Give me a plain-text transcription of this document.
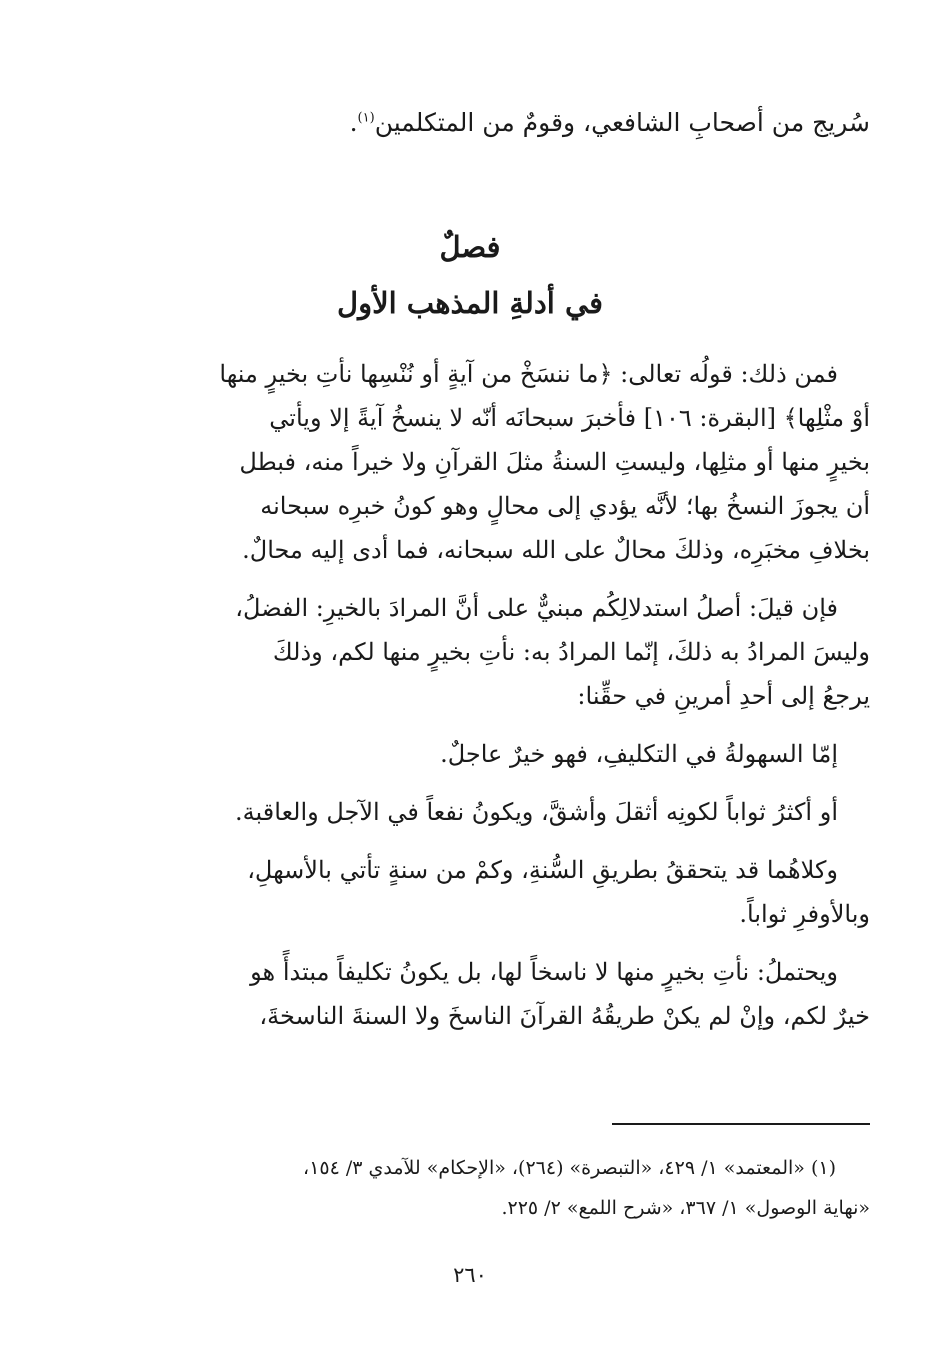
سُريج من أصحابِ الشافعي، وقومٌ من المتكلمين$^{(١)}$.
فصلٌ
في أدلةِ المذهب الأول
فمن ذلك: قولُه تعالى: ﴿ما ننسَخْ من آيةٍ أو نُنْسِها نأتِ بخيرٍ منها
أوْ مثْلِها﴾ [البقرة: ١٠٦] فأخبرَ سبحانَه أنّه لا ينسخُ آيةً إلا ويأتي
بخيرٍ منها أو مثلِها، وليستِ السنةُ مثلَ القرآنِ ولا خيراً منه، فبطل
أن يجوزَ النسخُ بها؛ لأنَّه يؤدي إلى محالٍ وهو كونُ خبرِه سبحانه
بخلافِ مخبَرِه، وذلكَ محالٌ على الله سبحانه، فما أدى إليه محالٌ.
فإن قيلَ: أصلُ استدلالِكُم مبنيٌّ على أنَّ المرادَ بالخيرِ: الفضلُ،
وليسَ المرادُ به ذلكَ، إنّما المرادُ به: نأتِ بخيرٍ منها لكم، وذلكَ
يرجعُ إلى أحدِ أمرينِ في حقِّنا:
إمّا السهولةُ في التكليفِ، فهو خيرٌ عاجلٌ.
أو أكثرُ ثواباً لكونِه أثقلَ وأشقَّ، ويكونُ نفعاً في الآجل والعاقبة.
وكلاهُما قد يتحققُ بطريقِ السُّنةِ، وكمْ من سنةٍ تأتي بالأسهلِ،
وبالأوفرِ ثواباً.
ويحتملُ: نأتِ بخيرٍ منها لا ناسخاً لها، بل يكونُ تكليفاً مبتدأً هو
خيرٌ لكم، وإنْ لم يكنْ طريقُهُ القرآنَ الناسخَ ولا السنةَ الناسخةَ،
(١) «المعتمد» ١/ ٤٢٩، «التبصرة» (٢٦٤)، «الإحكام» للآمدي ٣/ ١٥٤،
«نهاية الوصول» ١/ ٣٦٧، «شرح اللمع» ٢/ ٢٢٥.
٢٦٠
